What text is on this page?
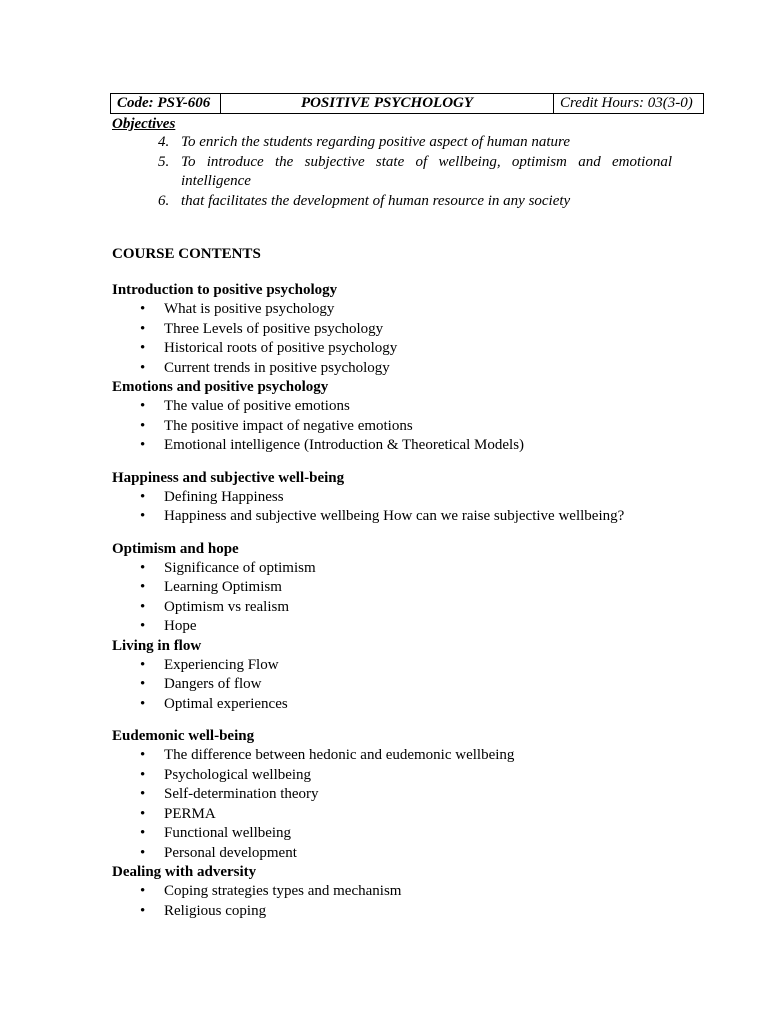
Code: PSY-606	POSITIVE PSYCHOLOGY	Credit Hours: 03(3-0)

Objectives

4. To enrich the students regarding positive aspect of human nature
5. To introduce the subjective state of wellbeing, optimism and emotional intelligence
6. that facilitates the development of human resource in any society

COURSE CONTENTS

Introduction to positive psychology
• What is positive psychology
• Three Levels of positive psychology
• Historical roots of positive psychology
• Current trends in positive psychology
Emotions and positive psychology
• The value of positive emotions
• The positive impact of negative emotions
• Emotional intelligence (Introduction & Theoretical Models)
Happiness and subjective well-being
• Defining Happiness
• Happiness and subjective wellbeing How can we raise subjective wellbeing?
Optimism and hope
• Significance of optimism
• Learning Optimism
• Optimism vs realism
• Hope
Living in flow
• Experiencing Flow
• Dangers of flow
• Optimal experiences
Eudemonic well-being
• The difference between hedonic and eudemonic wellbeing
• Psychological wellbeing
• Self-determination theory
• PERMA
• Functional wellbeing
• Personal development
Dealing with adversity
• Coping strategies types and mechanism
• Religious coping
